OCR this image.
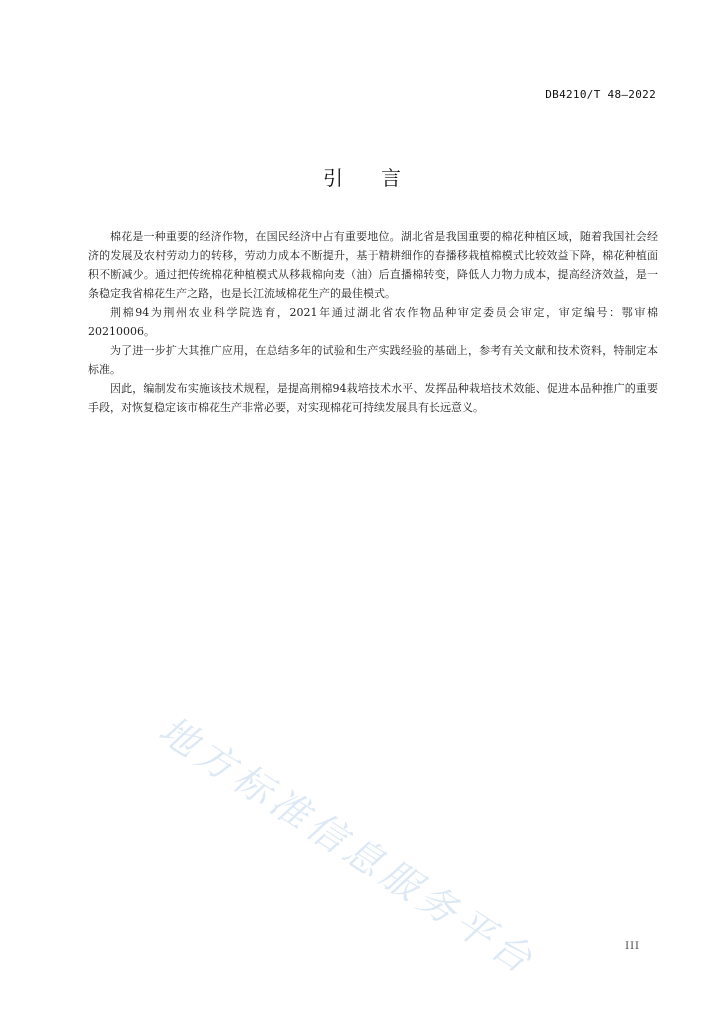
DB4210/T 48—2022
引言

棉花是一种重要的经济作物，在国民经济中占有重要地位。湖北省是我国重要的棉花种植区域，随着我国社会经济的发展及农村劳动力的转移，劳动力成本不断提升，基于精耕细作的春播移栽植棉模式比较效益下降，棉花种植面积不断减少。通过把传统棉花种植模式从移栽棉向麦（油）后直播棉转变，降低人力物力成本，提高经济效益，是一条稳定我省棉花生产之路，也是长江流域棉花生产的最佳模式。

荆棉94为荆州农业科学院选育，2021年通过湖北省农作物品种审定委员会审定，审定编号：鄂审棉20210006。

为了进一步扩大其推广应用，在总结多年的试验和生产实践经验的基础上，参考有关文献和技术资料，特制定本标准。

因此，编制发布实施该技术规程，是提高荆棉94栽培技术水平、发挥品种栽培技术效能、促进本品种推广的重要手段，对恢复稳定该市棉花生产非常必要，对实现棉花可持续发展具有长远意义。

地方标准信息服务平台	III
